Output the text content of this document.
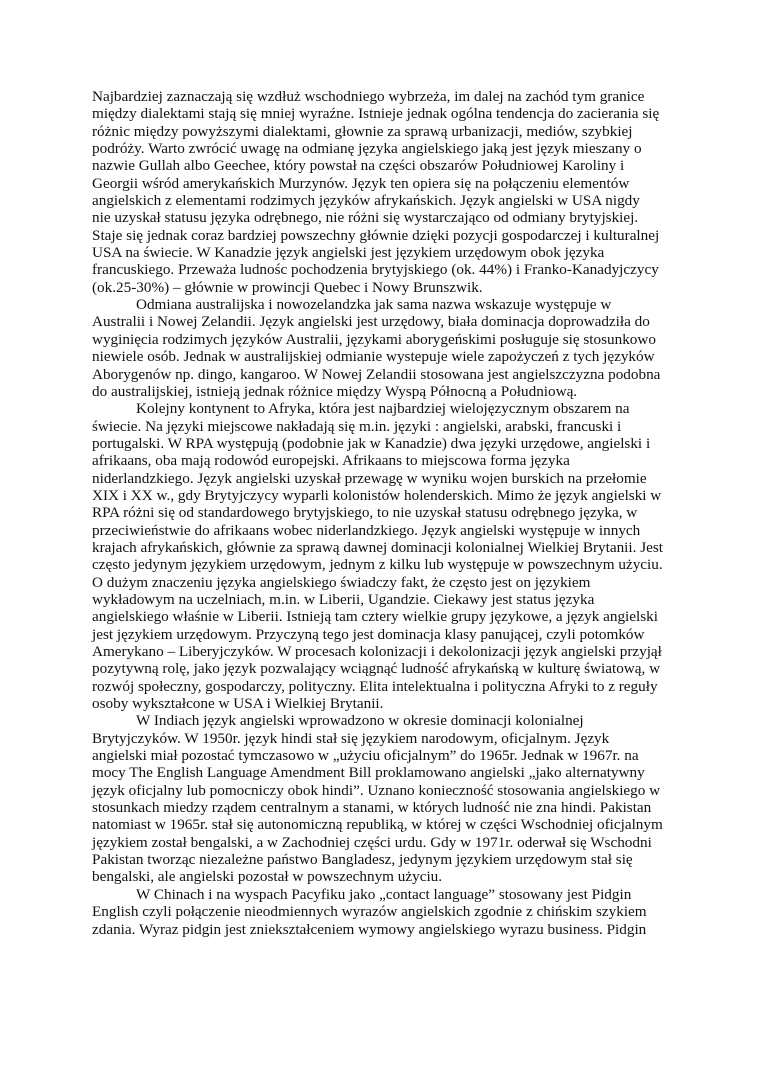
Najbardziej zaznaczają się wzdłuż wschodniego wybrzeża, im dalej na zachód tym granice
między dialektami stają się mniej wyraźne. Istnieje jednak ogólna tendencja do zacierania się
różnic między powyższymi dialektami, głownie za sprawą urbanizacji, mediów, szybkiej
podróży. Warto zwrócić uwagę na odmianę języka angielskiego jaką jest język mieszany o
nazwie Gullah albo Geechee, który powstał na części obszarów Południowej Karoliny i
Georgii wśród amerykańskich Murzynów. Język ten opiera się na połączeniu elementów
angielskich z elementami rodzimych języków afrykańskich. Język angielski w USA nigdy
nie uzyskał statusu języka odrębnego, nie różni się wystarczająco od odmiany brytyjskiej.
Staje się jednak coraz bardziej powszechny głównie dzięki pozycji gospodarczej i kulturalnej
USA na świecie. W Kanadzie język angielski jest językiem urzędowym obok języka
francuskiego. Przeważa ludnośc pochodzenia brytyjskiego (ok. 44%) i Franko-Kanadyjczycy
(ok.25-30%) – głównie w prowincji Quebec i Nowy Brunszwik.

Odmiana australijska i nowozelandzka jak sama nazwa wskazuje występuje w
Australii i Nowej Zelandii. Język angielski jest urzędowy, biała dominacja doprowadziła do
wyginięcia rodzimych języków Australii, językami aborygeńskimi posługuje się stosunkowo
niewiele osób. Jednak w australijskiej odmianie wystepuje wiele zapożyczeń z tych języków
Aborygenów np. dingo, kangaroo. W Nowej Zelandii stosowana jest angielszczyzna podobna
do australijskiej, istnieją jednak różnice między Wyspą Północną a Południową.

Kolejny kontynent to Afryka, która jest najbardziej wielojęzycznym obszarem na
świecie. Na języki miejscowe nakładają się m.in. języki : angielski, arabski, francuski i
portugalski. W RPA występują (podobnie jak w Kanadzie) dwa języki urzędowe, angielski i
afrikaans, oba mają rodowód europejski. Afrikaans to miejscowa forma języka
niderlandzkiego. Język angielski uzyskał przewagę w wyniku wojen burskich na przełomie
XIX i XX w., gdy Brytyjczycy wyparli kolonistów holenderskich. Mimo że język angielski w
RPA różni się od standardowego brytyjskiego, to nie uzyskał statusu odrębnego języka, w
przeciwieństwie do afrikaans wobec niderlandzkiego. Język angielski występuje w innych
krajach afrykańskich, głównie za sprawą dawnej dominacji kolonialnej Wielkiej Brytanii. Jest
często jedynym językiem urzędowym, jednym z kilku lub występuje w powszechnym użyciu.
O dużym znaczeniu języka angielskiego świadczy fakt, że często jest on językiem
wykładowym na uczelniach, m.in. w Liberii, Ugandzie. Ciekawy jest status języka
angielskiego właśnie w Liberii. Istnieją tam cztery wielkie grupy językowe, a język angielski
jest językiem urzędowym. Przyczyną tego jest dominacja klasy panującej, czyli potomków
Amerykano – Liberyjczyków. W procesach kolonizacji i dekolonizacji język angielski przyjął
pozytywną rolę, jako język pozwalający wciągnąć ludność afrykańską w kulturę światową, w
rozwój społeczny, gospodarczy, polityczny. Elita intelektualna i polityczna Afryki to z reguły
osoby wykształcone w USA i Wielkiej Brytanii.

W Indiach język angielski wprowadzono w okresie dominacji kolonialnej
Brytyjczyków. W 1950r. język hindi stał się językiem narodowym, oficjalnym. Język
angielski miał pozostać tymczasowo w „użyciu oficjalnym” do 1965r. Jednak w 1967r. na
mocy The English Language Amendment Bill proklamowano angielski „jako alternatywny
język oficjalny lub pomocniczy obok hindi”. Uznano konieczność stosowania angielskiego w
stosunkach miedzy rządem centralnym a stanami, w których ludność nie zna hindi. Pakistan
natomiast w 1965r. stał się autonomiczną republiką, w której w części Wschodniej oficjalnym
językiem został bengalski, a w Zachodniej części urdu. Gdy w 1971r. oderwał się Wschodni
Pakistan tworząc niezależne państwo Bangladesz, jedynym językiem urzędowym stał się
bengalski, ale angielski pozostał w powszechnym użyciu.

W Chinach i na wyspach Pacyfiku jako „contact language” stosowany jest Pidgin
English czyli połączenie nieodmiennych wyrazów angielskich zgodnie z chińskim szykiem
zdania. Wyraz pidgin jest zniekształceniem wymowy angielskiego wyrazu business. Pidgin
